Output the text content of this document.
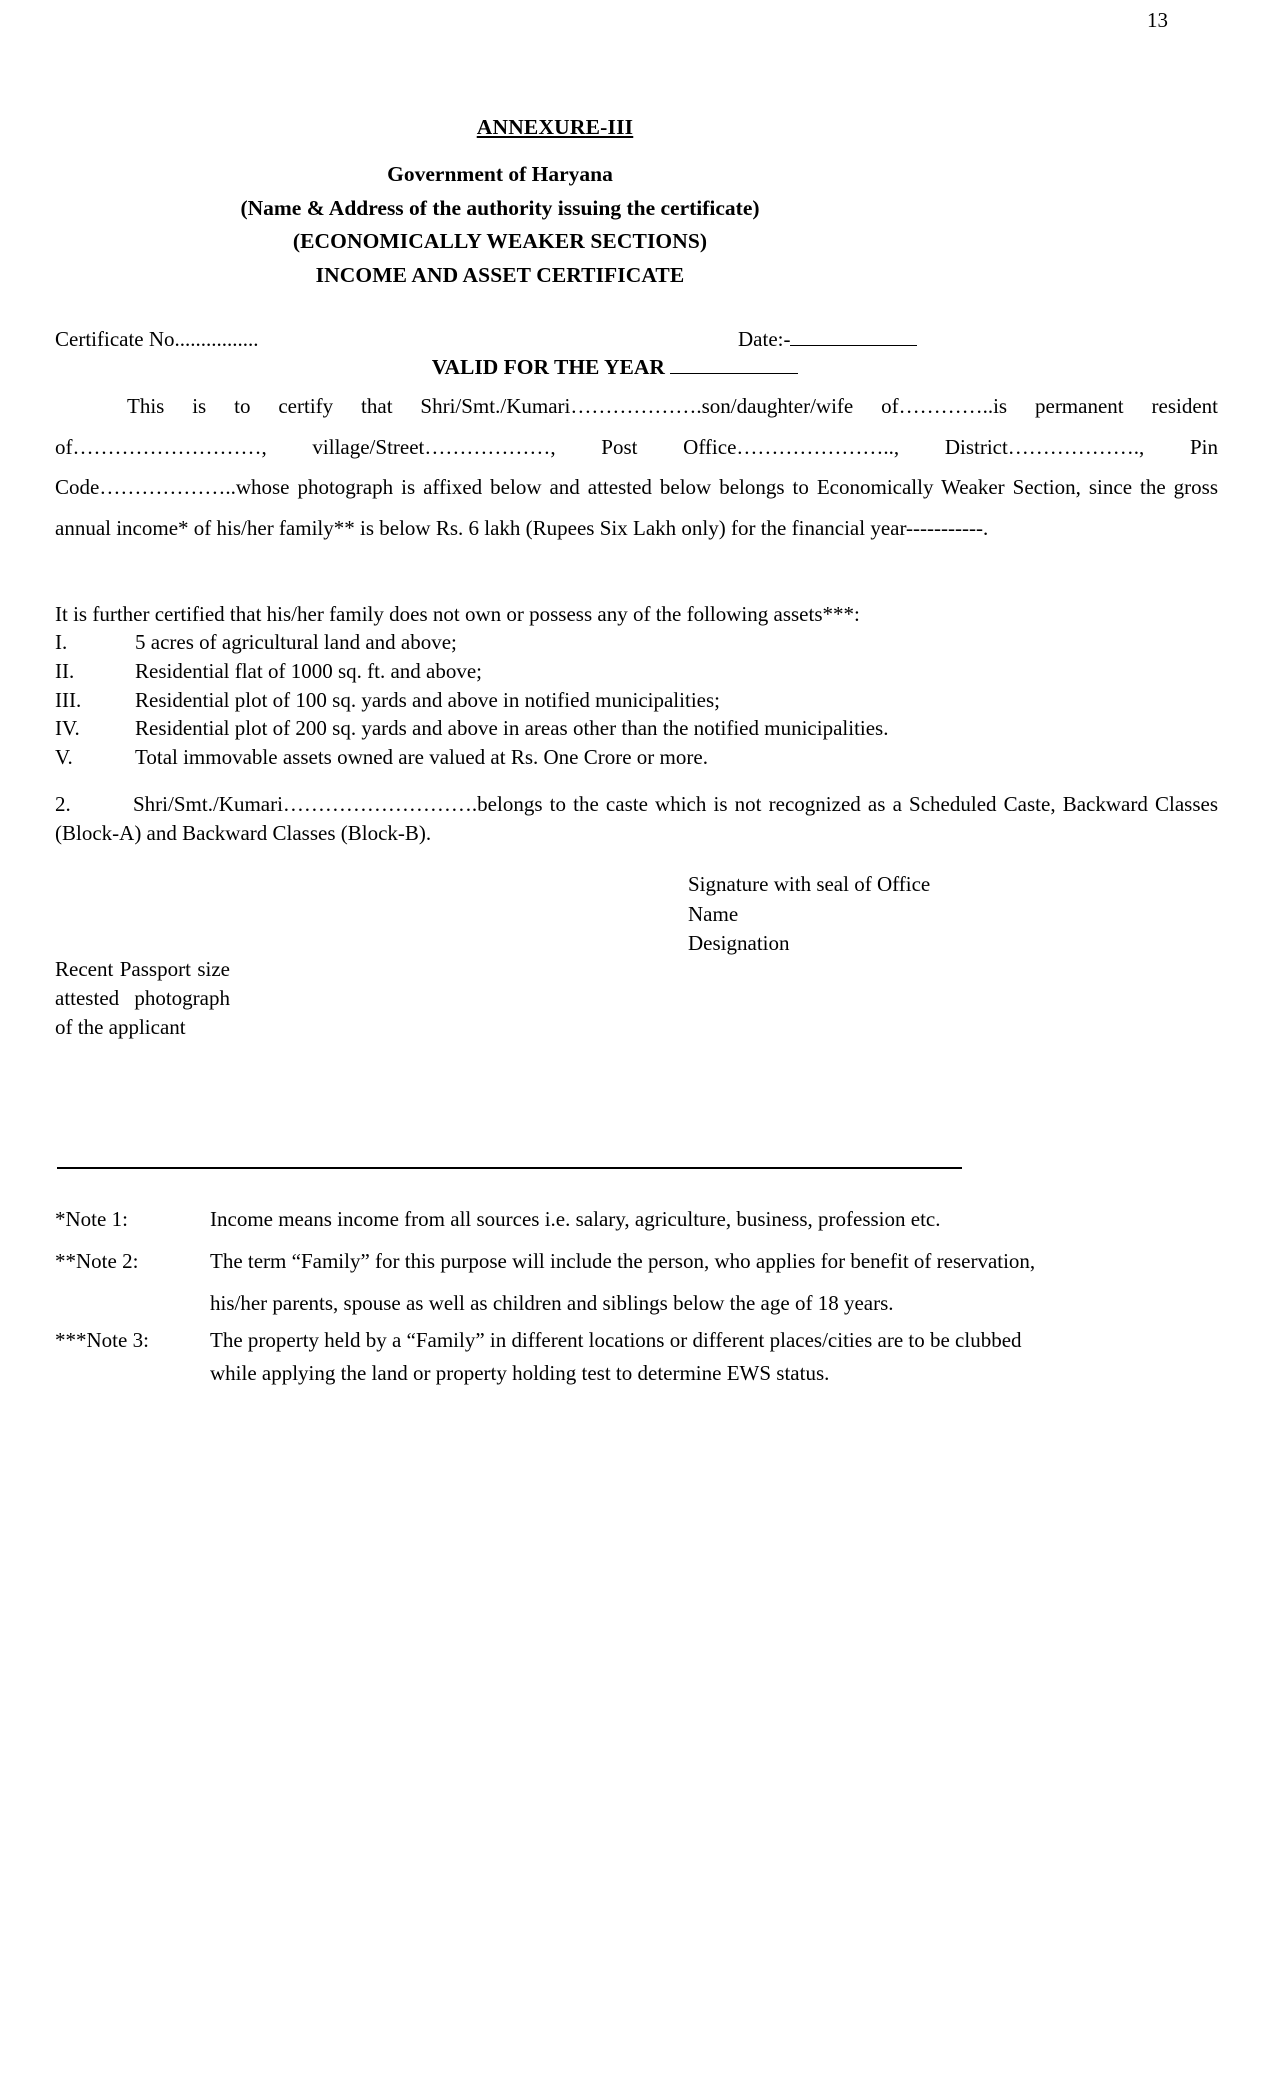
13
ANNEXURE-III
Government of Haryana
(Name & Address of the authority issuing the certificate)
(ECONOMICALLY WEAKER SECTIONS)
INCOME AND ASSET CERTIFICATE
Certificate No................	Date:-
VALID FOR THE YEAR
This is to certify that Shri/Smt./Kumari……………….son/daughter/wife of…………..is permanent resident of………………………, village/Street………………, Post Office………………….., District………………., Pin Code………………..whose photograph is affixed below and attested below belongs to Economically Weaker Section, since the gross annual income* of his/her family** is below Rs. 6 lakh (Rupees Six Lakh only) for the financial year-----------.
It is further certified that his/her family does not own or possess any of the following assets***:
I.	5 acres of agricultural land and above;
II.	Residential flat of 1000 sq. ft. and above;
III.	Residential plot of 100 sq. yards and above in notified municipalities;
IV.	Residential plot of 200 sq. yards and above in areas other than the notified municipalities.
V.	Total immovable assets owned are valued at Rs. One Crore or more.
2.	Shri/Smt./Kumari……………………….belongs to the caste which is not recognized as a Scheduled Caste, Backward Classes (Block-A) and Backward Classes (Block-B).
Signature with seal of Office
Name
Designation
Recent Passport size attested photograph of the applicant
*Note 1:	Income means income from all sources i.e. salary, agriculture, business, profession etc.
**Note 2:	The term “Family” for this purpose will include the person, who applies for benefit of reservation,
his/her parents, spouse as well as children and siblings below the age of 18 years.
***Note 3:	The property held by a “Family” in different locations or different places/cities are to be clubbed
while applying the land or property holding test to determine EWS status.
